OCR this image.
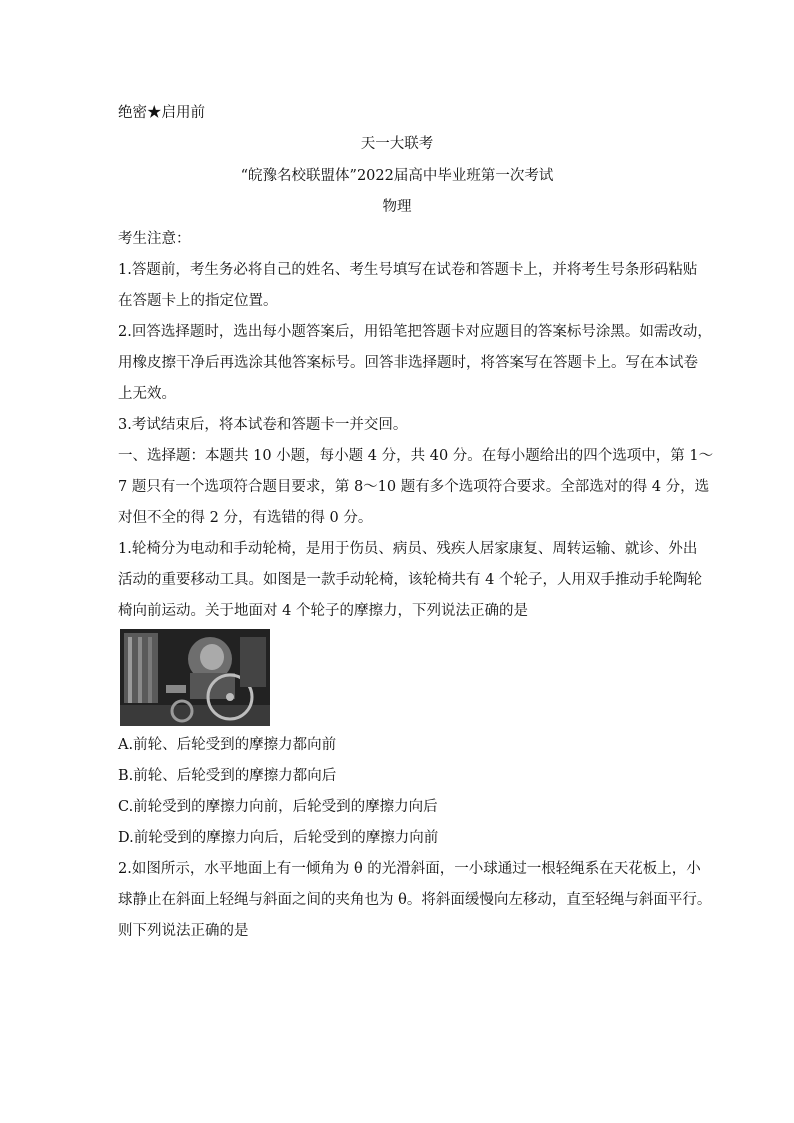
绝密★启用前
天一大联考
“皖豫名校联盟体”2022届高中毕业班第一次考试
物理
考生注意：
1.答题前，考生务必将自己的姓名、考生号填写在试卷和答题卡上，并将考生号条形码粘贴
在答题卡上的指定位置。
2.回答选择题时，选出每小题答案后，用铅笔把答题卡对应题目的答案标号涂黑。如需改动，
用橡皮擦干净后再选涂其他答案标号。回答非选择题时，将答案写在答题卡上。写在本试卷
上无效。
3.考试结束后，将本试卷和答题卡一并交回。
一、选择题：本题共 10 小题，每小题 4 分，共 40 分。在每小题给出的四个选项中，第 1～
7 题只有一个选项符合题目要求，第 8～10 题有多个选项符合要求。全部选对的得 4 分，选
对但不全的得 2 分，有选错的得 0 分。
1.轮椅分为电动和手动轮椅，是用于伤员、病员、残疾人居家康复、周转运输、就诊、外出
活动的重要移动工具。如图是一款手动轮椅，该轮椅共有 4 个轮子，人用双手推动手轮陶轮
椅向前运动。关于地面对 4 个轮子的摩擦力，下列说法正确的是
A.前轮、后轮受到的摩擦力都向前
B.前轮、后轮受到的摩擦力都向后
C.前轮受到的摩擦力向前，后轮受到的摩擦力向后
D.前轮受到的摩擦力向后，后轮受到的摩擦力向前
2.如图所示，水平地面上有一倾角为 θ 的光滑斜面，一小球通过一根轻绳系在天花板上，小
球静止在斜面上轻绳与斜面之间的夹角也为 θ。将斜面缓慢向左移动，直至轻绳与斜面平行。
则下列说法正确的是
